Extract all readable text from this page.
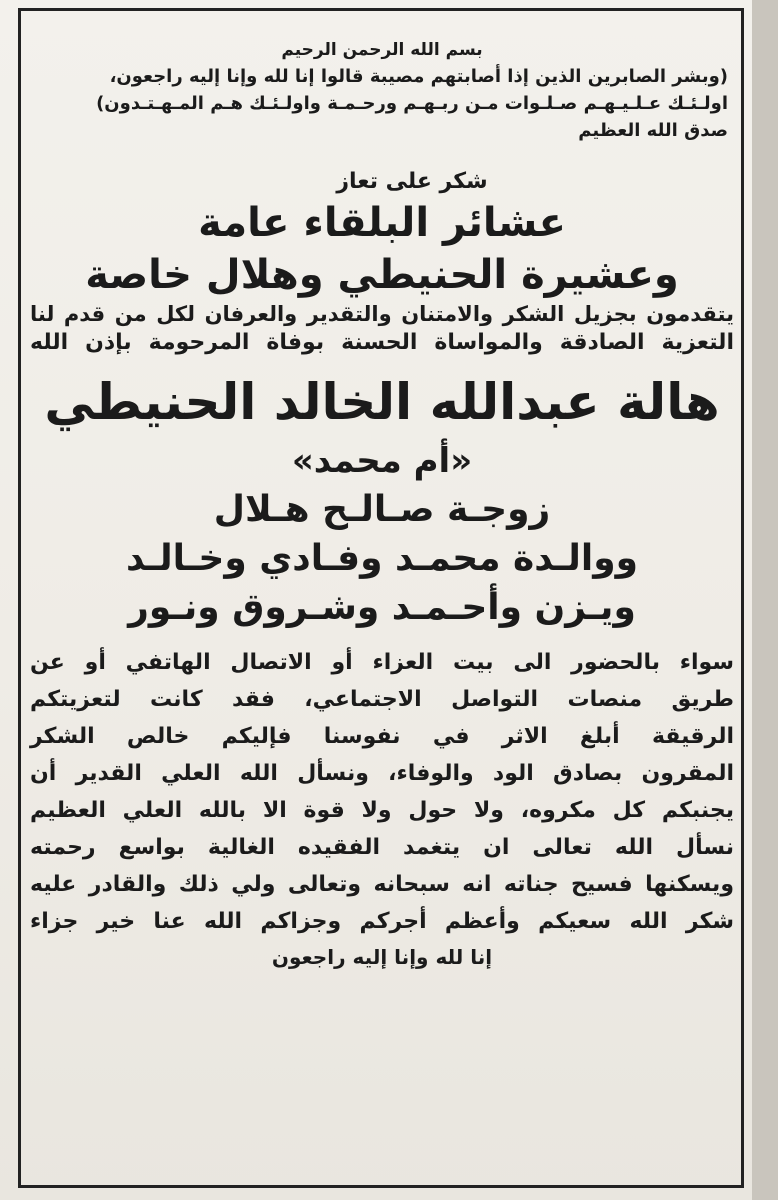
بسم الله الرحمن الرحيم
(وبشر الصابرين الذين إذا أصابتهم مصيبة قالوا إنا لله وإنا إليه راجعون،
اولـئـك عـلـيـهـم صـلـوات مـن ربـهـم ورحـمـة واولـئـك هـم المـهـتـدون)
صدق الله العظيم
شكر على تعاز
عشائر البلقاء عامة
وعشيرة الحنيطي وهلال خاصة
يتقدمون بجزيل الشكر والامتنان والتقدير والعرفان لكل من قدم لنا
التعزية الصادقة والمواساة الحسنة بوفاة المرحومة بإذن الله
هالة عبدالله الخالد الحنيطي
«أم محمد»
زوجـة صـالـح هـلال
ووالـدة محمـد وفـادي وخـالـد
ويـزن وأحـمـد وشـروق ونـور
سواء بالحضور الى بيت العزاء أو الاتصال الهاتفي أو عن
طريق منصات التواصل الاجتماعي، فقد كانت لتعزيتكم
الرقيقة أبلغ الاثر في نفوسنا فإليكم خالص الشكر
المقرون بصادق الود والوفاء، ونسأل الله العلي القدير أن
يجنبكم كل مكروه، ولا حول ولا قوة الا بالله العلي العظيم
نسأل الله تعالى ان يتغمد الفقيده الغالية بواسع رحمته
ويسكنها فسيح جناته انه سبحانه وتعالى ولي ذلك والقادر عليه
شكر الله سعيكم وأعظم أجركم وجزاكم الله عنا خير جزاء
إنا لله وإنا إليه راجعون
